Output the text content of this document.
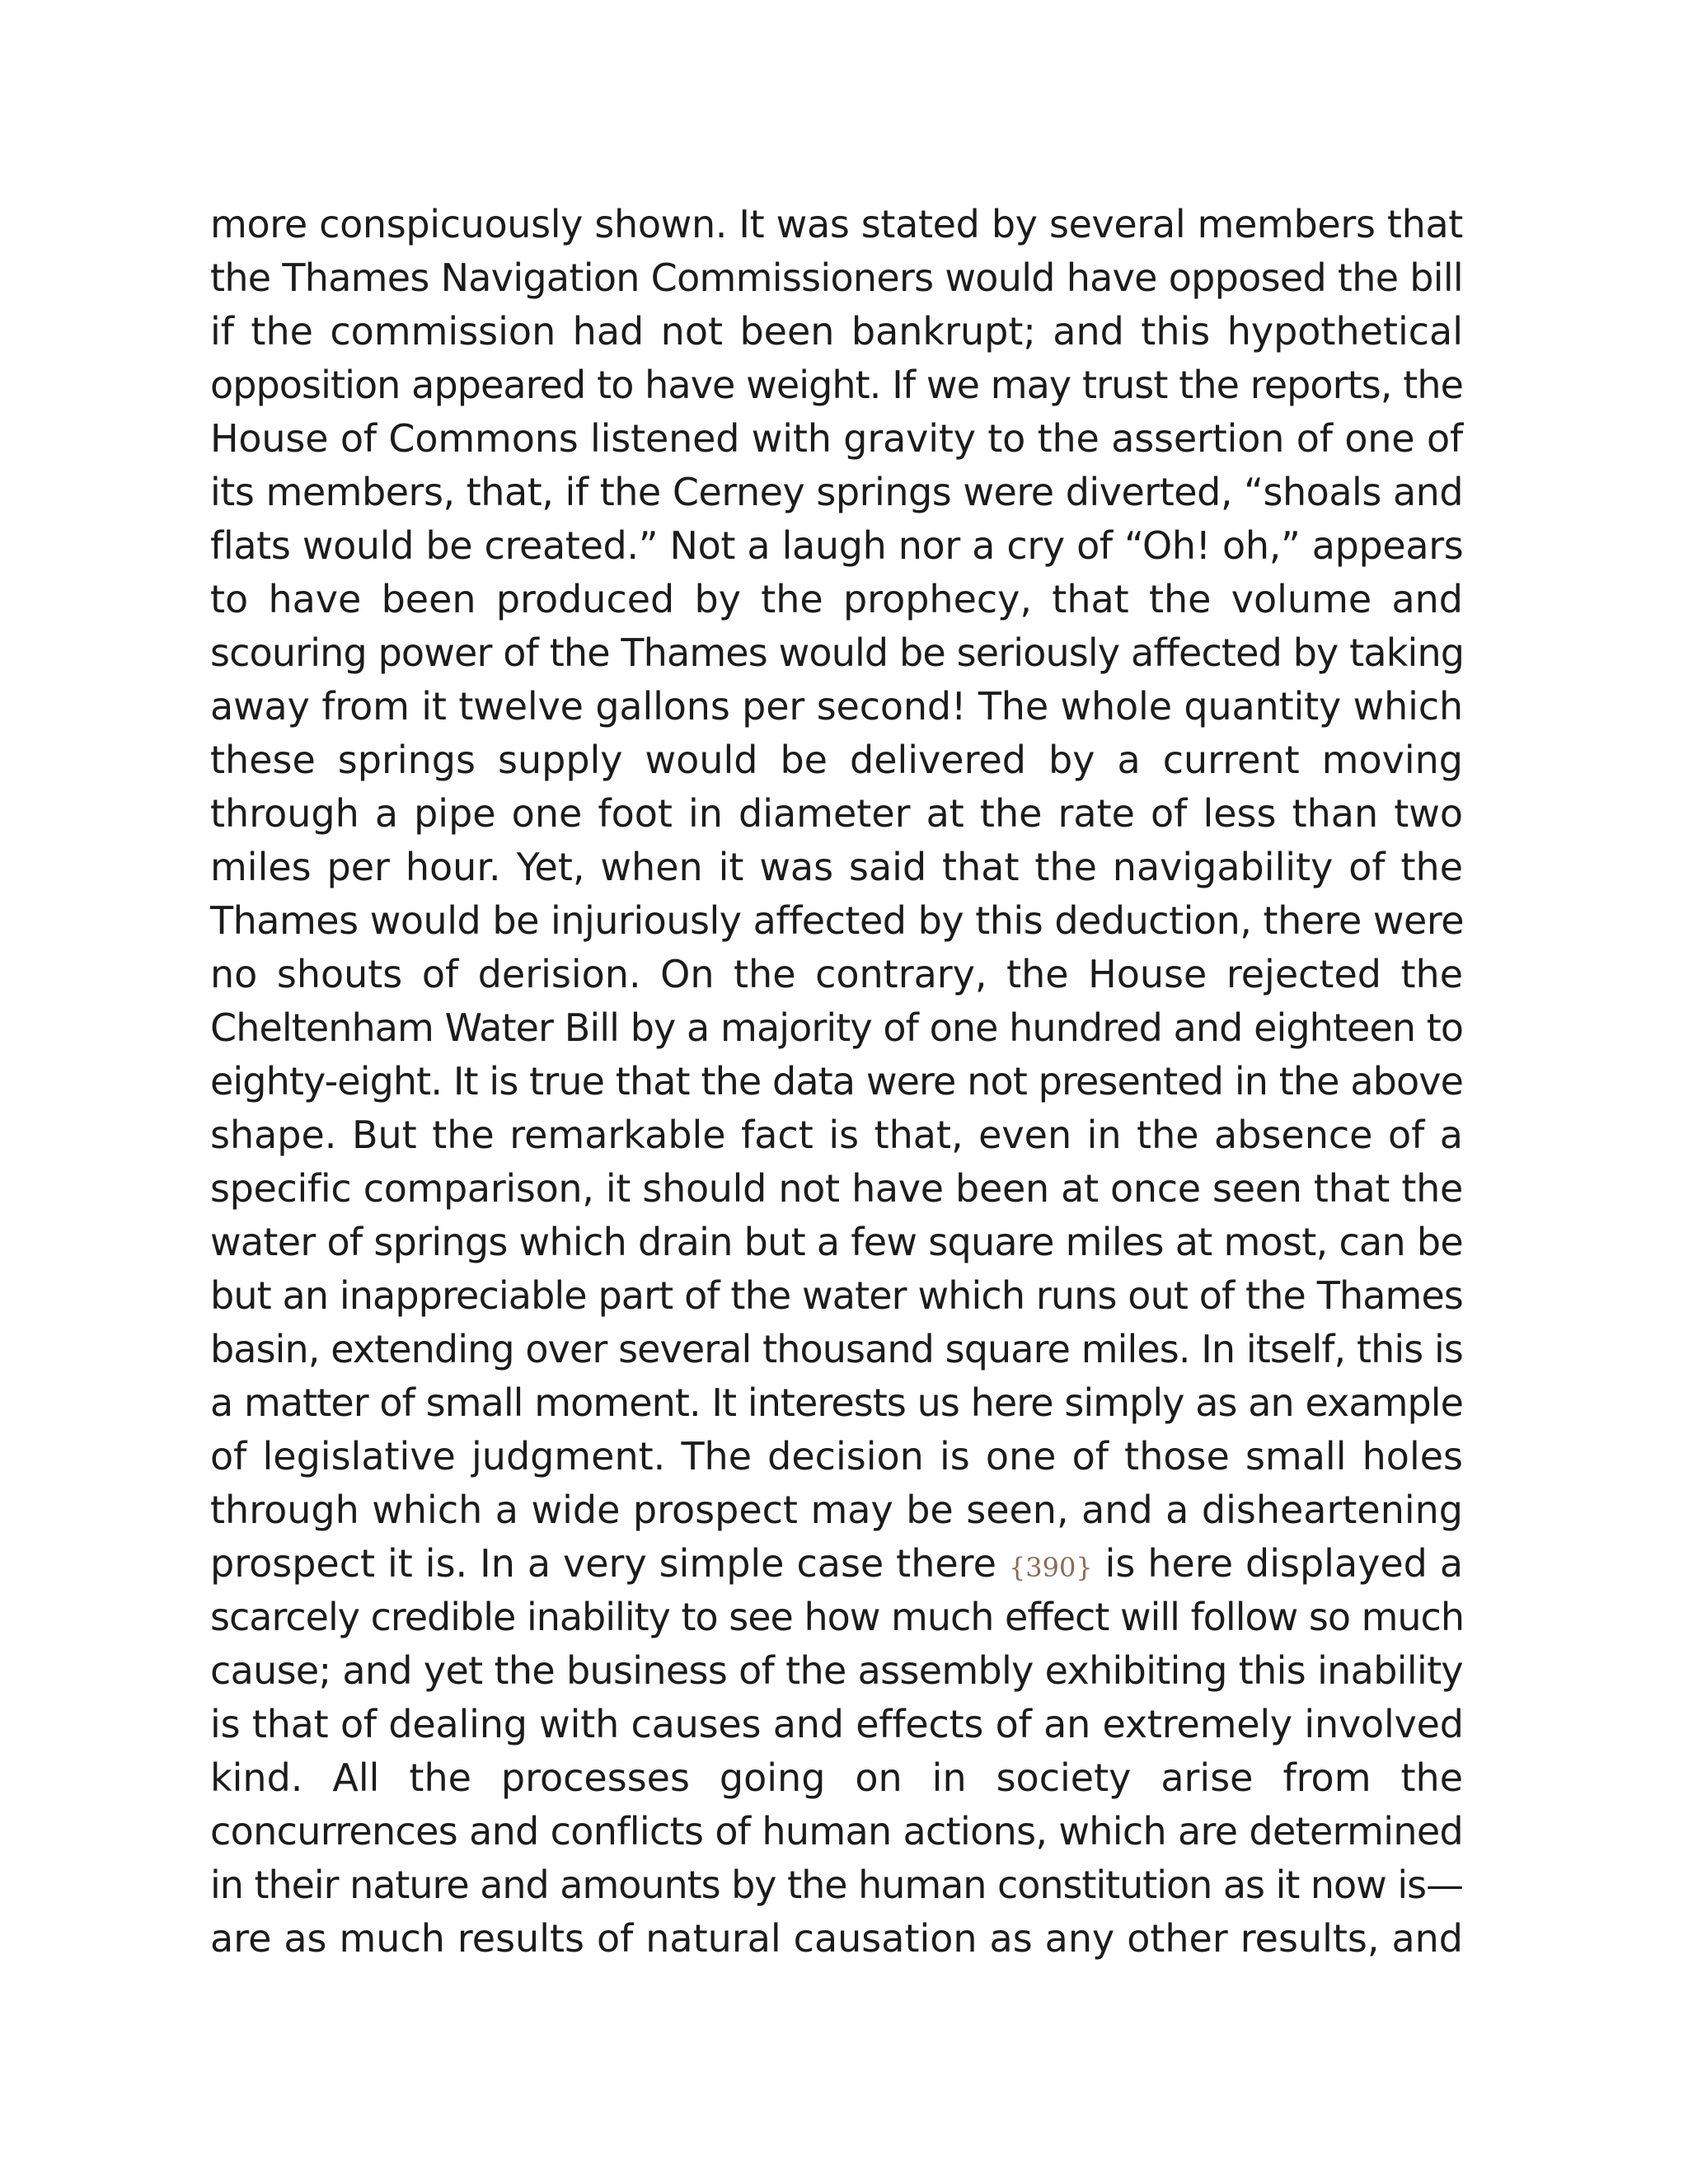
more conspicuously shown. It was stated by several members that
the Thames Navigation Commissioners would have opposed the bill
if the commission had not been bankrupt; and this hypothetical
opposition appeared to have weight. If we may trust the reports, the
House of Commons listened with gravity to the assertion of one of
its members, that, if the Cerney springs were diverted, “shoals and
flats would be created.” Not a laugh nor a cry of “Oh! oh,” appears
to have been produced by the prophecy, that the volume and
scouring power of the Thames would be seriously affected by taking
away from it twelve gallons per second! The whole quantity which
these springs supply would be delivered by a current moving
through a pipe one foot in diameter at the rate of less than two
miles per hour. Yet, when it was said that the navigability of the
Thames would be injuriously affected by this deduction, there were
no shouts of derision. On the contrary, the House rejected the
Cheltenham Water Bill by a majority of one hundred and eighteen to
eighty-eight. It is true that the data were not presented in the above
shape. But the remarkable fact is that, even in the absence of a
specific comparison, it should not have been at once seen that the
water of springs which drain but a few square miles at most, can be
but an inappreciable part of the water which runs out of the Thames
basin, extending over several thousand square miles. In itself, this is
a matter of small moment. It interests us here simply as an example
of legislative judgment. The decision is one of those small holes
through which a wide prospect may be seen, and a disheartening
prospect it is. In a very simple case there {390} is here displayed a
scarcely credible inability to see how much effect will follow so much
cause; and yet the business of the assembly exhibiting this inability
is that of dealing with causes and effects of an extremely involved
kind. All the processes going on in society arise from the
concurrences and conflicts of human actions, which are determined
in their nature and amounts by the human constitution as it now is—
are as much results of natural causation as any other results, and
